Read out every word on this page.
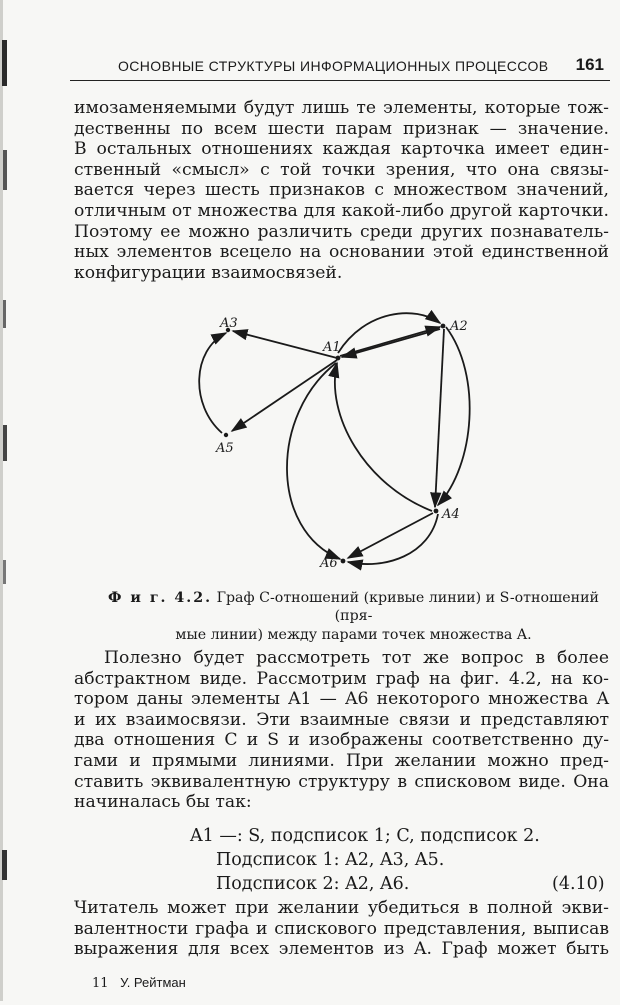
ОСНОВНЫЕ СТРУКТУРЫ ИНФОРМАЦИОННЫХ ПРОЦЕССОВ 161
имозаменяемыми будут лишь те элементы, которые тож-
дественны по всем шести парам признак — значение.
В остальных отношениях каждая карточка имеет един-
ственный «смысл» с той точки зрения, что она связы-
вается через шесть признаков с множеством значений,
отличным от множества для какой-либо другой карточки.
Поэтому ее можно различить среди других познаватель-
ных элементов всецело на основании этой единственной
конфигурации взаимосвязей.
A3
A1
A2
A5
A4
A6
Ф и г. 4.2. Граф C-отношений (кривые линии) и S-отношений (пря-
мые линии) между парами точек множества A.
Полезно будет рассмотреть тот же вопрос в более
абстрактном виде. Рассмотрим граф на фиг. 4.2, на ко-
тором даны элементы A1 — A6 некоторого множества A
и их взаимосвязи. Эти взаимные связи и представляют
два отношения C и S и изображены соответственно ду-
гами и прямыми линиями. При желании можно пред-
ставить эквивалентную структуру в списковом виде. Она
начиналась бы так:
A1 —: S, подсписок 1; C, подсписок 2.
Подсписок 1: A2, A3, A5.
Подсписок 2: A2, A6.	(4.10)
Читатель может при желании убедиться в полной экви-
валентности графа и спискового представления, выписав
выражения для всех элементов из A. Граф может быть
11 У. Рейтман
